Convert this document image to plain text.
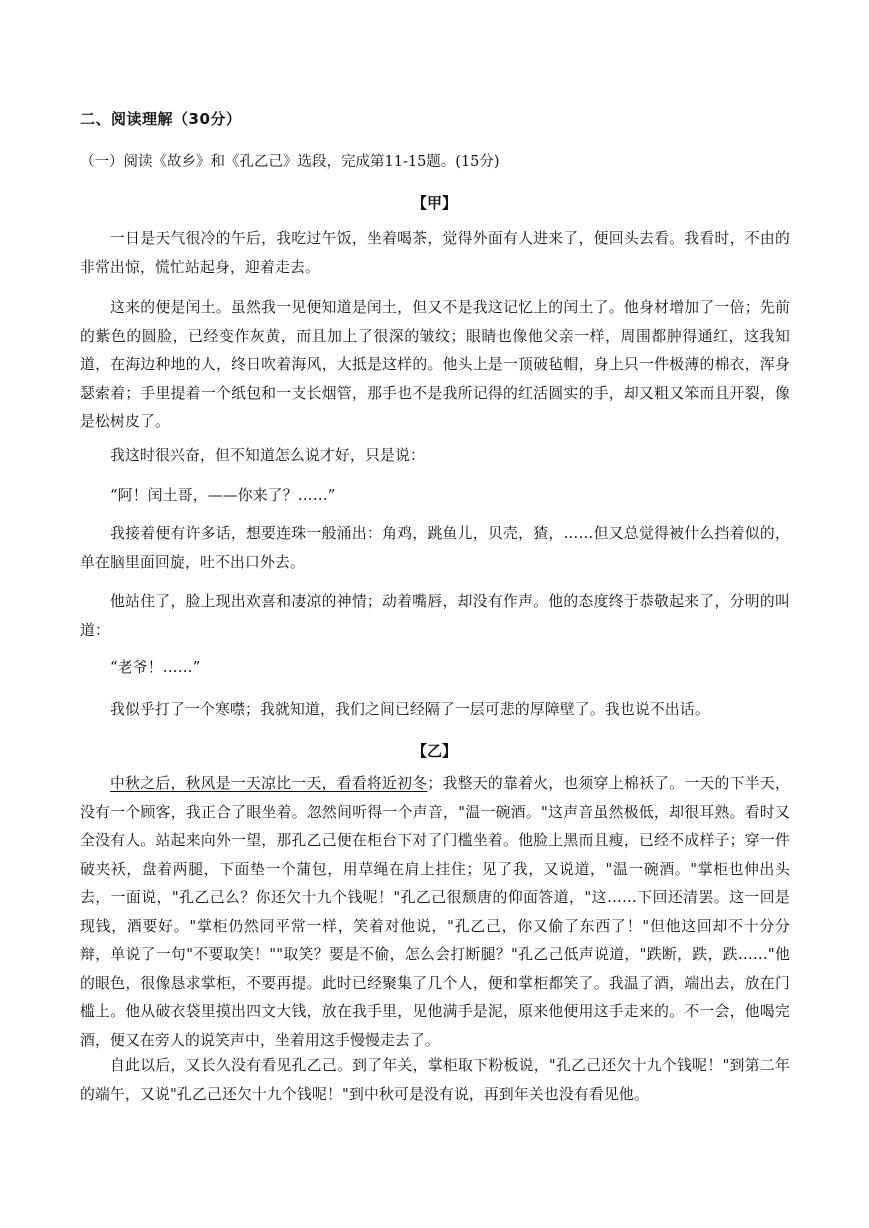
二、阅读理解（30分）
（一）阅读《故乡》和《孔乙己》选段，完成第11-15题。(15分)
【甲】

一日是天气很冷的午后，我吃过午饭，坐着喝茶，觉得外面有人进来了，便回头去看。我看时，不由的非常出惊，慌忙站起身，迎着走去。

这来的便是闰土。虽然我一见便知道是闰土，但又不是我这记忆上的闰土了。他身材增加了一倍；先前的紫色的圆脸，已经变作灰黄，而且加上了很深的皱纹；眼睛也像他父亲一样，周围都肿得通红，这我知道，在海边种地的人，终日吹着海风，大抵是这样的。他头上是一顶破毡帽，身上只一件极薄的棉衣，浑身瑟索着；手里提着一个纸包和一支长烟管，那手也不是我所记得的红活圆实的手，却又粗又笨而且开裂，像是松树皮了。

我这时很兴奋，但不知道怎么说才好，只是说：

“阿！闰土哥，——你来了？……”

我接着便有许多话，想要连珠一般涌出：角鸡，跳鱼儿，贝壳，猹，……但又总觉得被什么挡着似的，单在脑里面回旋，吐不出口外去。

他站住了，脸上现出欢喜和凄凉的神情；动着嘴唇，却没有作声。他的态度终于恭敬起来了，分明的叫道：

“老爷！……”

我似乎打了一个寒噤；我就知道，我们之间已经隔了一层可悲的厚障壁了。我也说不出话。

【乙】

中秋之后，秋风是一天凉比一天，看看将近初冬；我整天的靠着火，也须穿上棉袄了。一天的下半天，没有一个顾客，我正合了眼坐着。忽然间听得一个声音，"温一碗酒。"这声音虽然极低，却很耳熟。看时又全没有人。站起来向外一望，那孔乙己便在柜台下对了门槛坐着。他脸上黑而且瘦，已经不成样子；穿一件破夹袄，盘着两腿，下面垫一个蒲包，用草绳在肩上挂住；见了我，又说道，"温一碗酒。"掌柜也伸出头去，一面说，"孔乙己么？你还欠十九个钱呢！"孔乙己很颓唐的仰面答道，"这……下回还清罢。这一回是现钱，酒要好。"掌柜仍然同平常一样，笑着对他说，"孔乙己，你又偷了东西了！"但他这回却不十分分辩，单说了一句"不要取笑！""取笑？要是不偷，怎么会打断腿？"孔乙己低声说道，"跌断，跌，跌……"他的眼色，很像恳求掌柜，不要再提。此时已经聚集了几个人，便和掌柜都笑了。我温了酒，端出去，放在门槛上。他从破衣袋里摸出四文大钱，放在我手里，见他满手是泥，原来他便用这手走来的。不一会，他喝完酒，便又在旁人的说笑声中，坐着用这手慢慢走去了。

自此以后，又长久没有看见孔乙己。到了年关，掌柜取下粉板说，"孔乙己还欠十九个钱呢！"到第二年的端午，又说"孔乙己还欠十九个钱呢！"到中秋可是没有说，再到年关也没有看见他。
